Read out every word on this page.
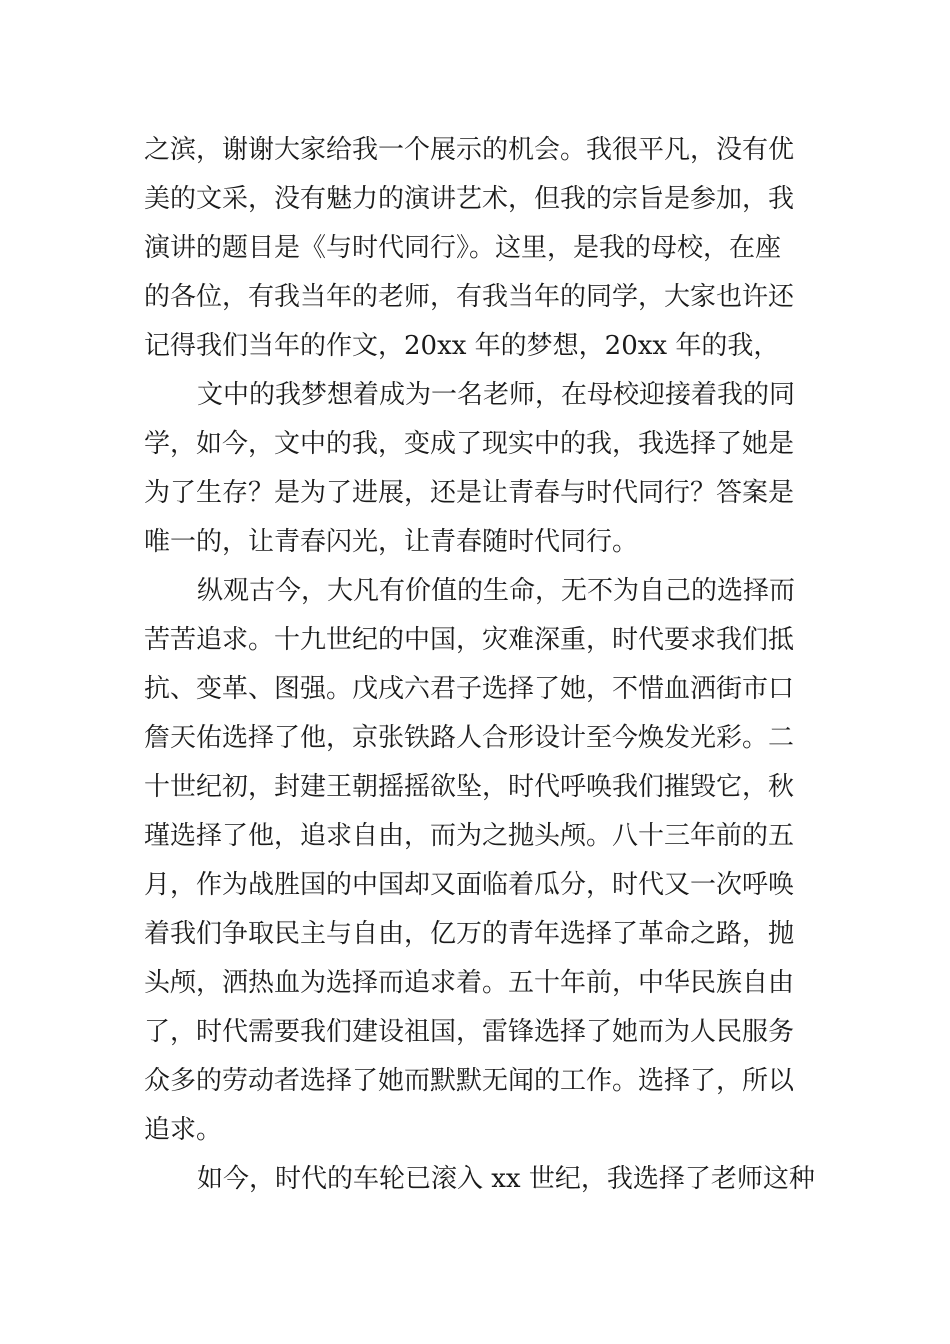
之滨，谢谢大家给我一个展示的机会。我很平凡，没有优
美的文采，没有魅力的演讲艺术，但我的宗旨是参加，我
演讲的题目是《与时代同行》。这里，是我的母校，在座
的各位，有我当年的老师，有我当年的同学，大家也许还
记得我们当年的作文，20xx 年的梦想，20xx 年的我，

文中的我梦想着成为一名老师，在母校迎接着我的同
学，如今，文中的我，变成了现实中的我，我选择了她是
为了生存？是为了进展，还是让青春与时代同行？答案是
唯一的，让青春闪光，让青春随时代同行。

纵观古今，大凡有价值的生命，无不为自己的选择而
苦苦追求。十九世纪的中国，灾难深重，时代要求我们抵
抗、变革、图强。戊戌六君子选择了她，不惜血洒街市口
詹天佑选择了他，京张铁路人合形设计至今焕发光彩。二
十世纪初，封建王朝摇摇欲坠，时代呼唤我们摧毁它，秋
瑾选择了他，追求自由，而为之抛头颅。八十三年前的五
月，作为战胜国的中国却又面临着瓜分，时代又一次呼唤
着我们争取民主与自由，亿万的青年选择了革命之路，抛
头颅，洒热血为选择而追求着。五十年前，中华民族自由
了，时代需要我们建设祖国，雷锋选择了她而为人民服务
众多的劳动者选择了她而默默无闻的工作。选择了，所以
追求。

如今，时代的车轮已滚入 xx 世纪，我选择了老师这种
